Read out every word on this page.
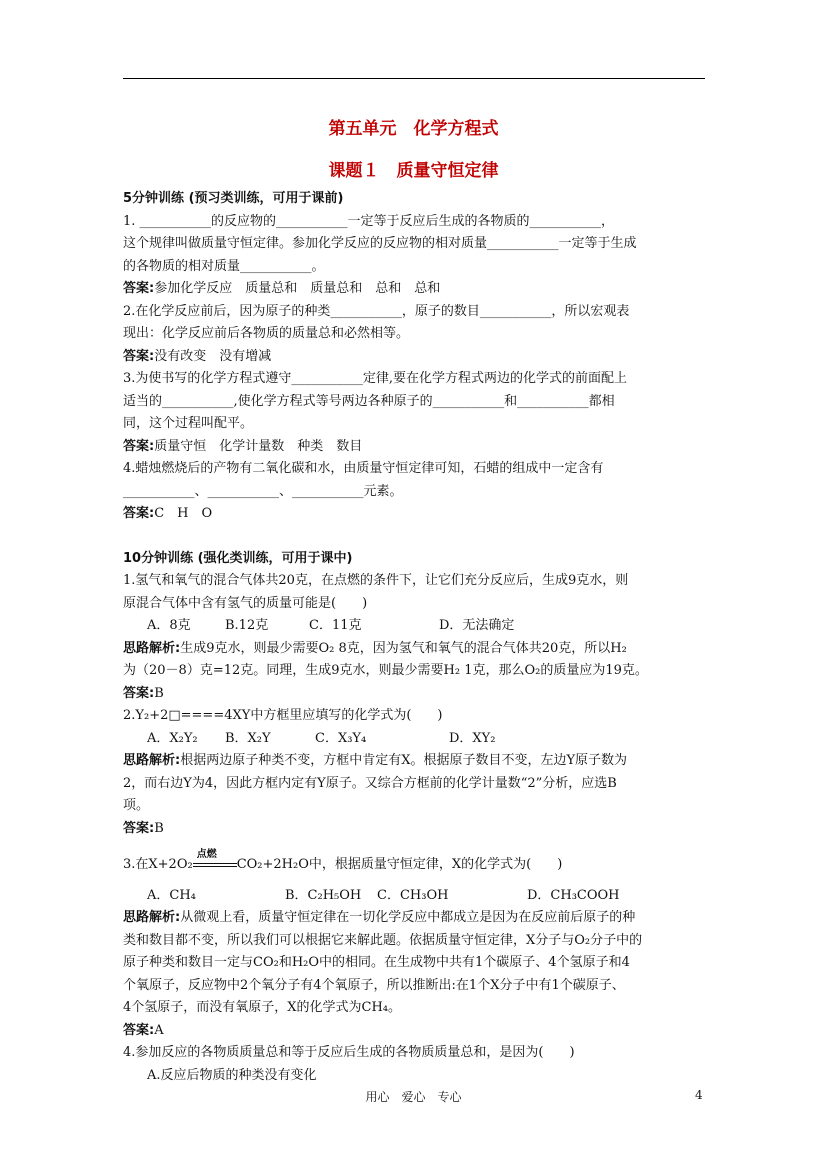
第五单元　化学方程式
课题１　质量守恒定律

5分钟训练 (预习类训练，可用于课前)

1. ___________的反应物的___________一定等于反应后生成的各物质的___________，

这个规律叫做质量守恒定律。参加化学反应的反应物的相对质量___________一定等于生成

的各物质的相对质量___________。

答案:参加化学反应　质量总和　质量总和　总和　总和

2.在化学反应前后，因为原子的种类___________，原子的数目___________，所以宏观表

现出：化学反应前后各物质的质量总和必然相等。

答案:没有改变　没有增减

3.为使书写的化学方程式遵守___________定律,要在化学方程式两边的化学式的前面配上

适当的___________,使化学方程式等号两边各种原子的___________和___________都相

同，这个过程叫配平。

答案:质量守恒　化学计量数　种类　数目

4.蜡烛燃烧后的产物有二氧化碳和水，由质量守恒定律可知，石蜡的组成中一定含有

___________、___________、___________元素。

答案:C　H　O

10分钟训练 (强化类训练，可用于课中)

1.氢气和氧气的混合气体共20克，在点燃的条件下，让它们充分反应后，生成9克水，则

原混合气体中含有氢气的质量可能是(　　)

A．8克	B.12克	C．11克	D．无法确定

思路解析:生成9克水，则最少需要O₂ 8克，因为氢气和氧气的混合气体共20克，所以H₂

为（20－8）克=12克。同理，生成9克水，则最少需要H₂ 1克，那么O₂的质量应为19克。

答案:B

2.Y₂+2□====4XY中方框里应填写的化学式为(　　)

A．X₂Y₂	B．X₂Y	C．X₃Y₄	D．XY₂

思路解析:根据两边原子种类不变，方框中肯定有X。根据原子数目不变，左边Y原子数为

2，而右边Y为4，因此方框内定有Y原子。又综合方框前的化学计量数“2”分析，应选B

项。

答案:B

3.在X+2O₂
点燃
CO₂+2H₂O中，根据质量守恒定律，X的化学式为(　　)

A．CH₄	B．C₂H₅OH	C．CH₃OH	D．CH₃COOH

思路解析:从微观上看，质量守恒定律在一切化学反应中都成立是因为在反应前后原子的种

类和数目都不变，所以我们可以根据它来解此题。依据质量守恒定律，X分子与O₂分子中的

原子种类和数目一定与CO₂和H₂O中的相同。在生成物中共有1个碳原子、4个氢原子和4

个氧原子，反应物中2个氧分子有4个氧原子，所以推断出:在1个X分子中有1个碳原子、

4个氢原子，而没有氧原子，X的化学式为CH₄。

答案:A

4.参加反应的各物质质量总和等于反应后生成的各物质质量总和，是因为(　　)

A.反应后物质的种类没有变化

用心　爱心　专心	4
